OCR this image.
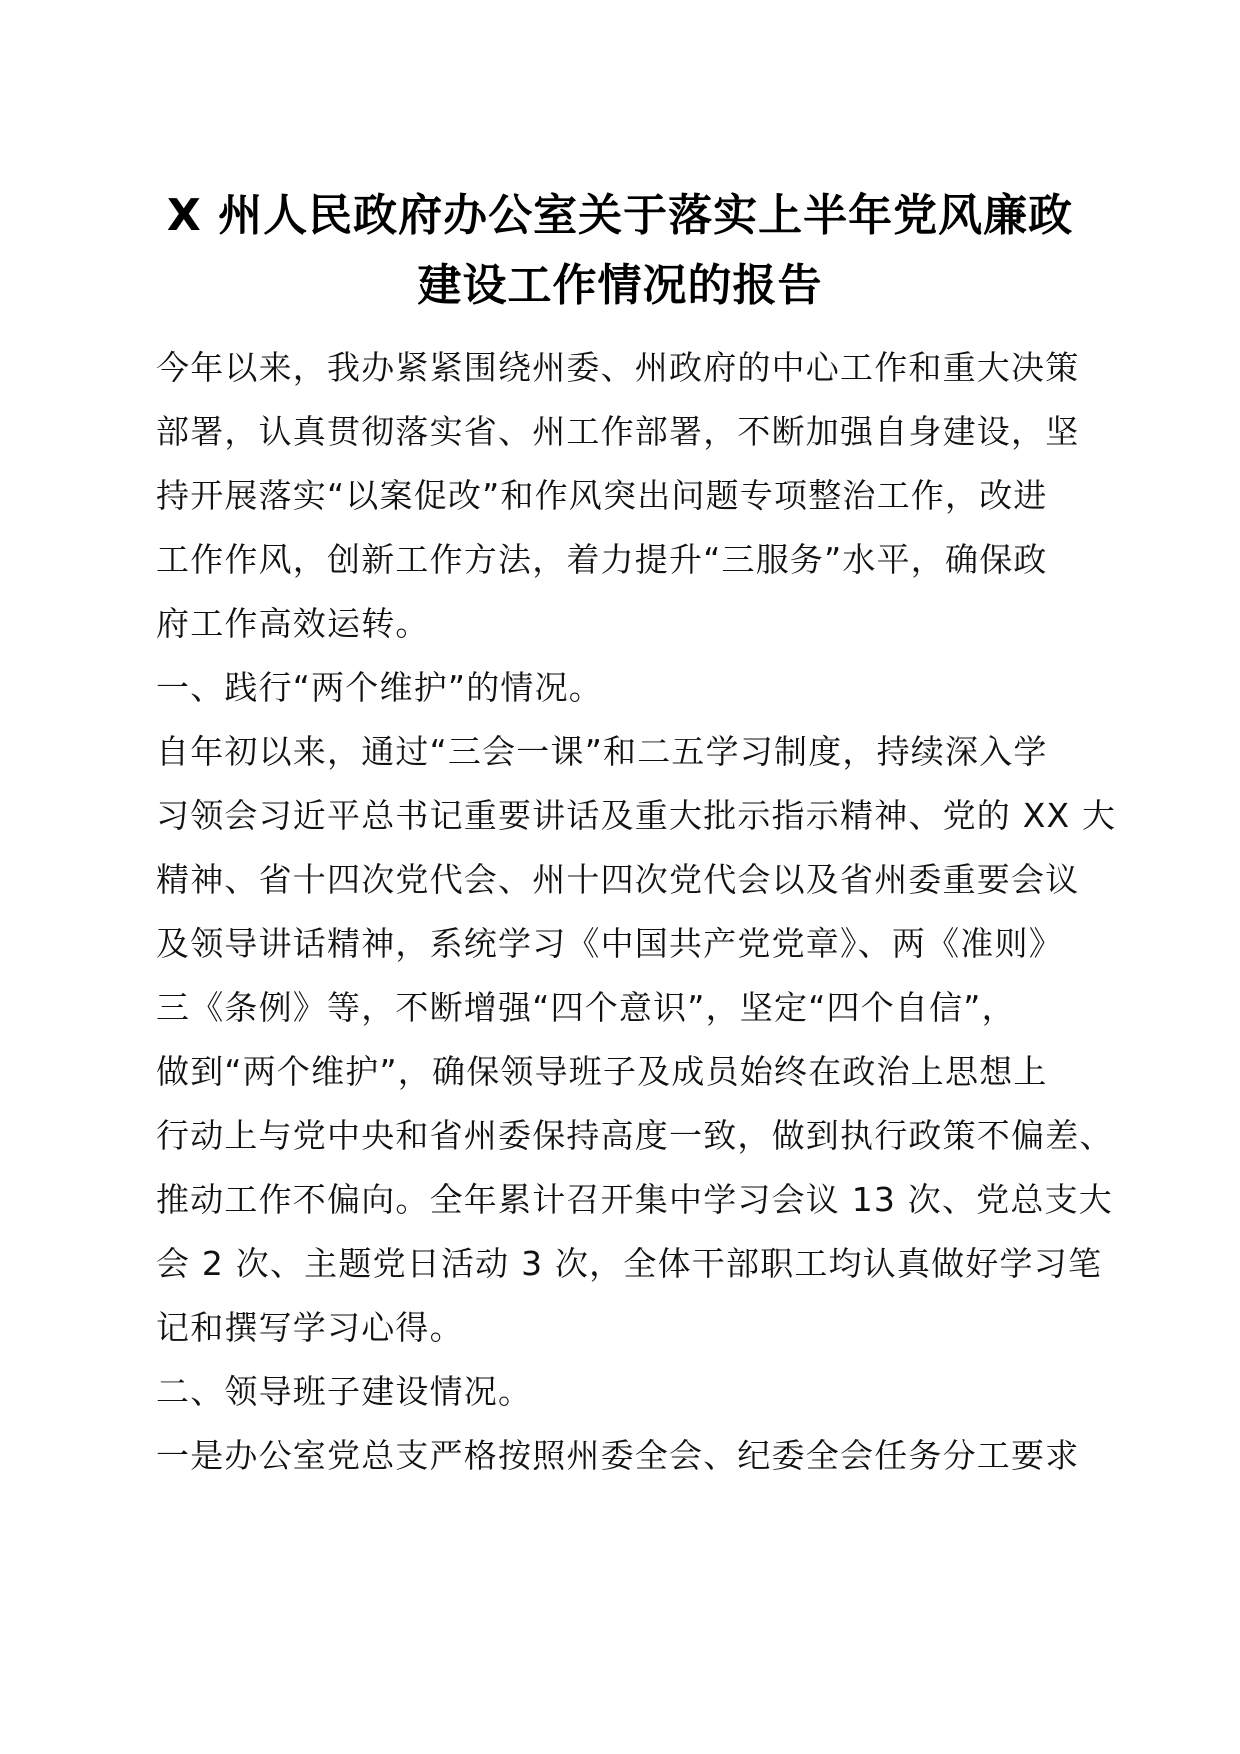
X 州人民政府办公室关于落实上半年党风廉政
建设工作情况的报告
今年以来，我办紧紧围绕州委、州政府的中心工作和重大决策
部署，认真贯彻落实省、州工作部署，不断加强自身建设，坚
持开展落实“以案促改”和作风突出问题专项整治工作，改进
工作作风，创新工作方法，着力提升“三服务”水平，确保政
府工作高效运转。
一、践行“两个维护”的情况。
自年初以来，通过“三会一课”和二五学习制度，持续深入学
习领会习近平总书记重要讲话及重大批示指示精神、党的 XX 大
精神、省十四次党代会、州十四次党代会以及省州委重要会议
及领导讲话精神，系统学习《中国共产党党章》、两《准则》
三《条例》等，不断增强“四个意识”，坚定“四个自信”，
做到“两个维护”，确保领导班子及成员始终在政治上思想上
行动上与党中央和省州委保持高度一致，做到执行政策不偏差、
推动工作不偏向。全年累计召开集中学习会议 13 次、党总支大
会 2 次、主题党日活动 3 次，全体干部职工均认真做好学习笔
记和撰写学习心得。
二、领导班子建设情况。
一是办公室党总支严格按照州委全会、纪委全会任务分工要求
